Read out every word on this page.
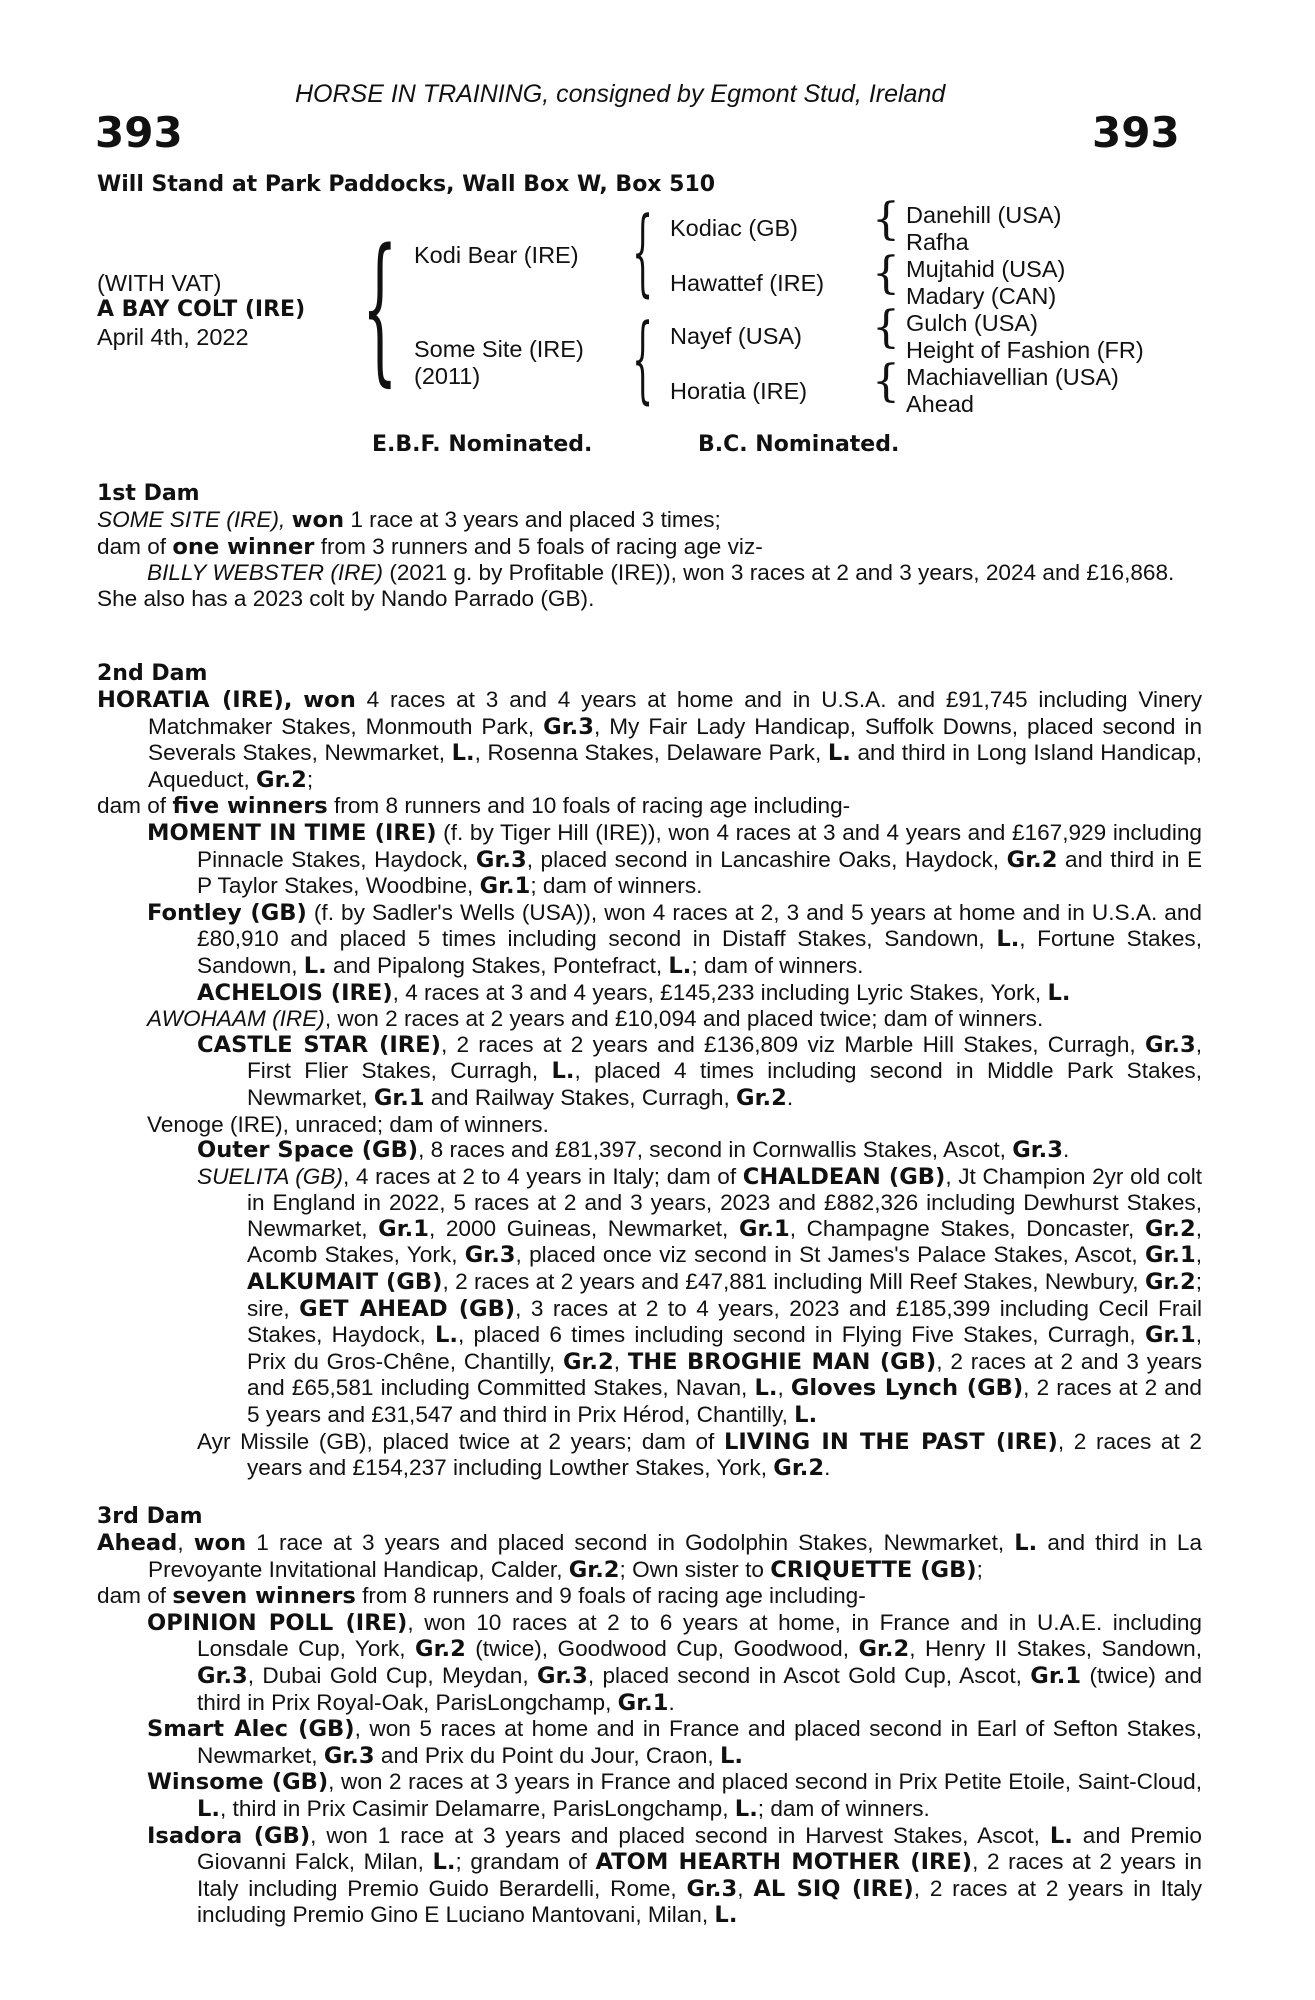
HORSE IN TRAINING, consigned by Egmont Stud, Ireland
393	393
Will Stand at Park Paddocks, Wall Box W, Box 510
(WITH VAT)
A BAY COLT (IRE)
April 4th, 2022 { {
{
{
{
{
{
Kodi Bear (IRE)
Some Site (IRE)
(2011)
Kodiac (GB)
Hawattef (IRE)
Nayef (USA)
Horatia (IRE)
Danehill (USA)
Rafha
Mujtahid (USA)
Madary (CAN)
Gulch (USA)
Height of Fashion (FR)
Machiavellian (USA)
Ahead
E.B.F. Nominated.	B.C. Nominated.
1st Dam
SOME SITE (IRE), won 1 race at 3 years and placed 3 times;
dam of one winner from 3 runners and 5 foals of racing age viz-
BILLY WEBSTER (IRE) (2021 g. by Profitable (IRE)), won 3 races at 2 and 3 years, 2024 and £16,868.
She also has a 2023 colt by Nando Parrado (GB).
2nd Dam
HORATIA (IRE), won 4 races at 3 and 4 years at home and in U.S.A. and £91,745 including Vinery Matchmaker Stakes, Monmouth Park, Gr.3, My Fair Lady Handicap, Suffolk Downs, placed second in Severals Stakes, Newmarket, L., Rosenna Stakes, Delaware Park, L. and third in Long Island Handicap, Aqueduct, Gr.2;
dam of five winners from 8 runners and 10 foals of racing age including-
MOMENT IN TIME (IRE) (f. by Tiger Hill (IRE)), won 4 races at 3 and 4 years and £167,929 including Pinnacle Stakes, Haydock, Gr.3, placed second in Lancashire Oaks, Haydock, Gr.2 and third in E P Taylor Stakes, Woodbine, Gr.1; dam of winners.
Fontley (GB) (f. by Sadler's Wells (USA)), won 4 races at 2, 3 and 5 years at home and in U.S.A. and £80,910 and placed 5 times including second in Distaff Stakes, Sandown, L., Fortune Stakes, Sandown, L. and Pipalong Stakes, Pontefract, L.; dam of winners.
ACHELOIS (IRE), 4 races at 3 and 4 years, £145,233 including Lyric Stakes, York, L.
AWOHAAM (IRE), won 2 races at 2 years and £10,094 and placed twice; dam of winners.
CASTLE STAR (IRE), 2 races at 2 years and £136,809 viz Marble Hill Stakes, Curragh, Gr.3, First Flier Stakes, Curragh, L., placed 4 times including second in Middle Park Stakes, Newmarket, Gr.1 and Railway Stakes, Curragh, Gr.2.
Venoge (IRE), unraced; dam of winners.
Outer Space (GB), 8 races and £81,397, second in Cornwallis Stakes, Ascot, Gr.3.
SUELITA (GB), 4 races at 2 to 4 years in Italy; dam of CHALDEAN (GB), Jt Champion 2yr old colt in England in 2022, 5 races at 2 and 3 years, 2023 and £882,326 including Dewhurst Stakes, Newmarket, Gr.1, 2000 Guineas, Newmarket, Gr.1, Champagne Stakes, Doncaster, Gr.2, Acomb Stakes, York, Gr.3, placed once viz second in St James's Palace Stakes, Ascot, Gr.1, ALKUMAIT (GB), 2 races at 2 years and £47,881 including Mill Reef Stakes, Newbury, Gr.2; sire, GET AHEAD (GB), 3 races at 2 to 4 years, 2023 and £185,399 including Cecil Frail Stakes, Haydock, L., placed 6 times including second in Flying Five Stakes, Curragh, Gr.1, Prix du Gros-Chêne, Chantilly, Gr.2, THE BROGHIE MAN (GB), 2 races at 2 and 3 years and £65,581 including Committed Stakes, Navan, L., Gloves Lynch (GB), 2 races at 2 and 5 years and £31,547 and third in Prix Hérod, Chantilly, L.
Ayr Missile (GB), placed twice at 2 years; dam of LIVING IN THE PAST (IRE), 2 races at 2 years and £154,237 including Lowther Stakes, York, Gr.2.
3rd Dam
Ahead, won 1 race at 3 years and placed second in Godolphin Stakes, Newmarket, L. and third in La Prevoyante Invitational Handicap, Calder, Gr.2; Own sister to CRIQUETTE (GB);
dam of seven winners from 8 runners and 9 foals of racing age including-
OPINION POLL (IRE), won 10 races at 2 to 6 years at home, in France and in U.A.E. including Lonsdale Cup, York, Gr.2 (twice), Goodwood Cup, Goodwood, Gr.2, Henry II Stakes, Sandown, Gr.3, Dubai Gold Cup, Meydan, Gr.3, placed second in Ascot Gold Cup, Ascot, Gr.1 (twice) and third in Prix Royal-Oak, ParisLongchamp, Gr.1.
Smart Alec (GB), won 5 races at home and in France and placed second in Earl of Sefton Stakes, Newmarket, Gr.3 and Prix du Point du Jour, Craon, L.
Winsome (GB), won 2 races at 3 years in France and placed second in Prix Petite Etoile, Saint-Cloud, L., third in Prix Casimir Delamarre, ParisLongchamp, L.; dam of winners.
Isadora (GB), won 1 race at 3 years and placed second in Harvest Stakes, Ascot, L. and Premio Giovanni Falck, Milan, L.; grandam of ATOM HEARTH MOTHER (IRE), 2 races at 2 years in Italy including Premio Guido Berardelli, Rome, Gr.3, AL SIQ (IRE), 2 races at 2 years in Italy including Premio Gino E Luciano Mantovani, Milan, L.
